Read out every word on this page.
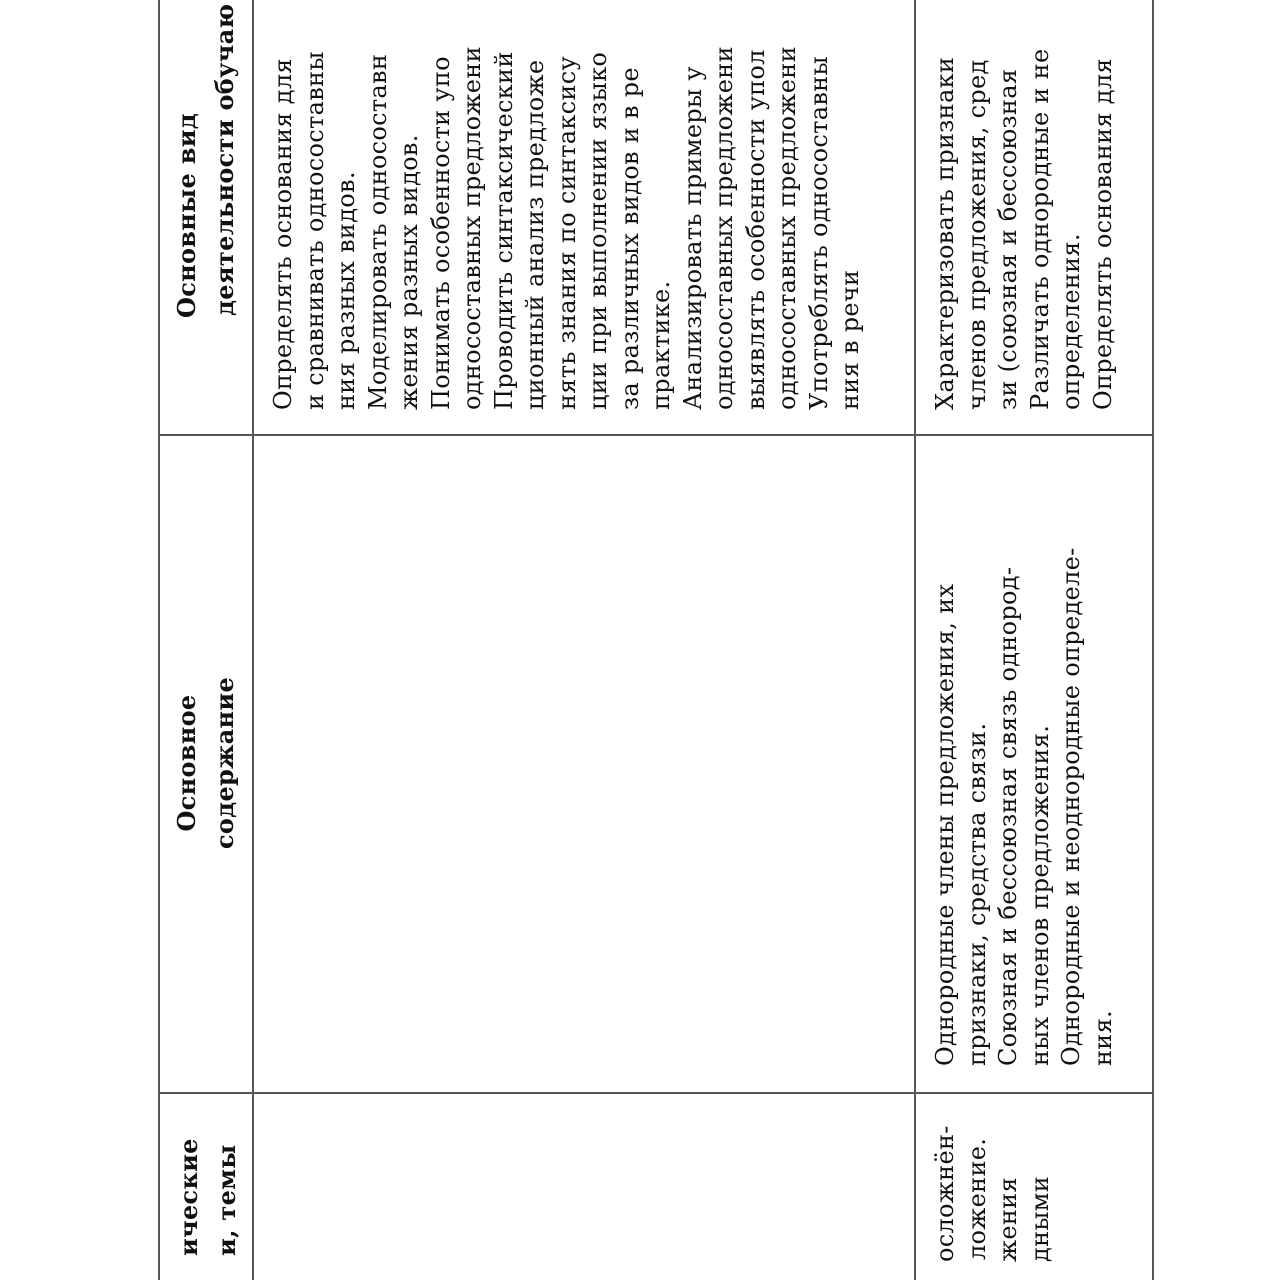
ические и, темы
Основное содержание
Основные вид деятельности обучаю Определять основания для и сравнивать односоставны ния разных видов. Моделировать односоставн жения разных видов. Понимать особенности упо односоставных предложени Проводить синтаксический ционный анализ предложе нять знания по синтаксису ции при выполнении языко за различных видов и в ре практике. Анализировать примеры у односоставных предложени выявлять особенности упол односоставных предложени Употреблять односоставны ния в речи
осложнён- ложение. жения дными
Однородные члены предложения, их признаки, средства связи. Союзная и бессоюзная связь однород- ных членов предложения. Однородные и неоднородные определе- ния.
Характеризовать признаки членов предложения, сред зи (союзная и бессоюзная Различать однородные и не определения. Определять основания для
